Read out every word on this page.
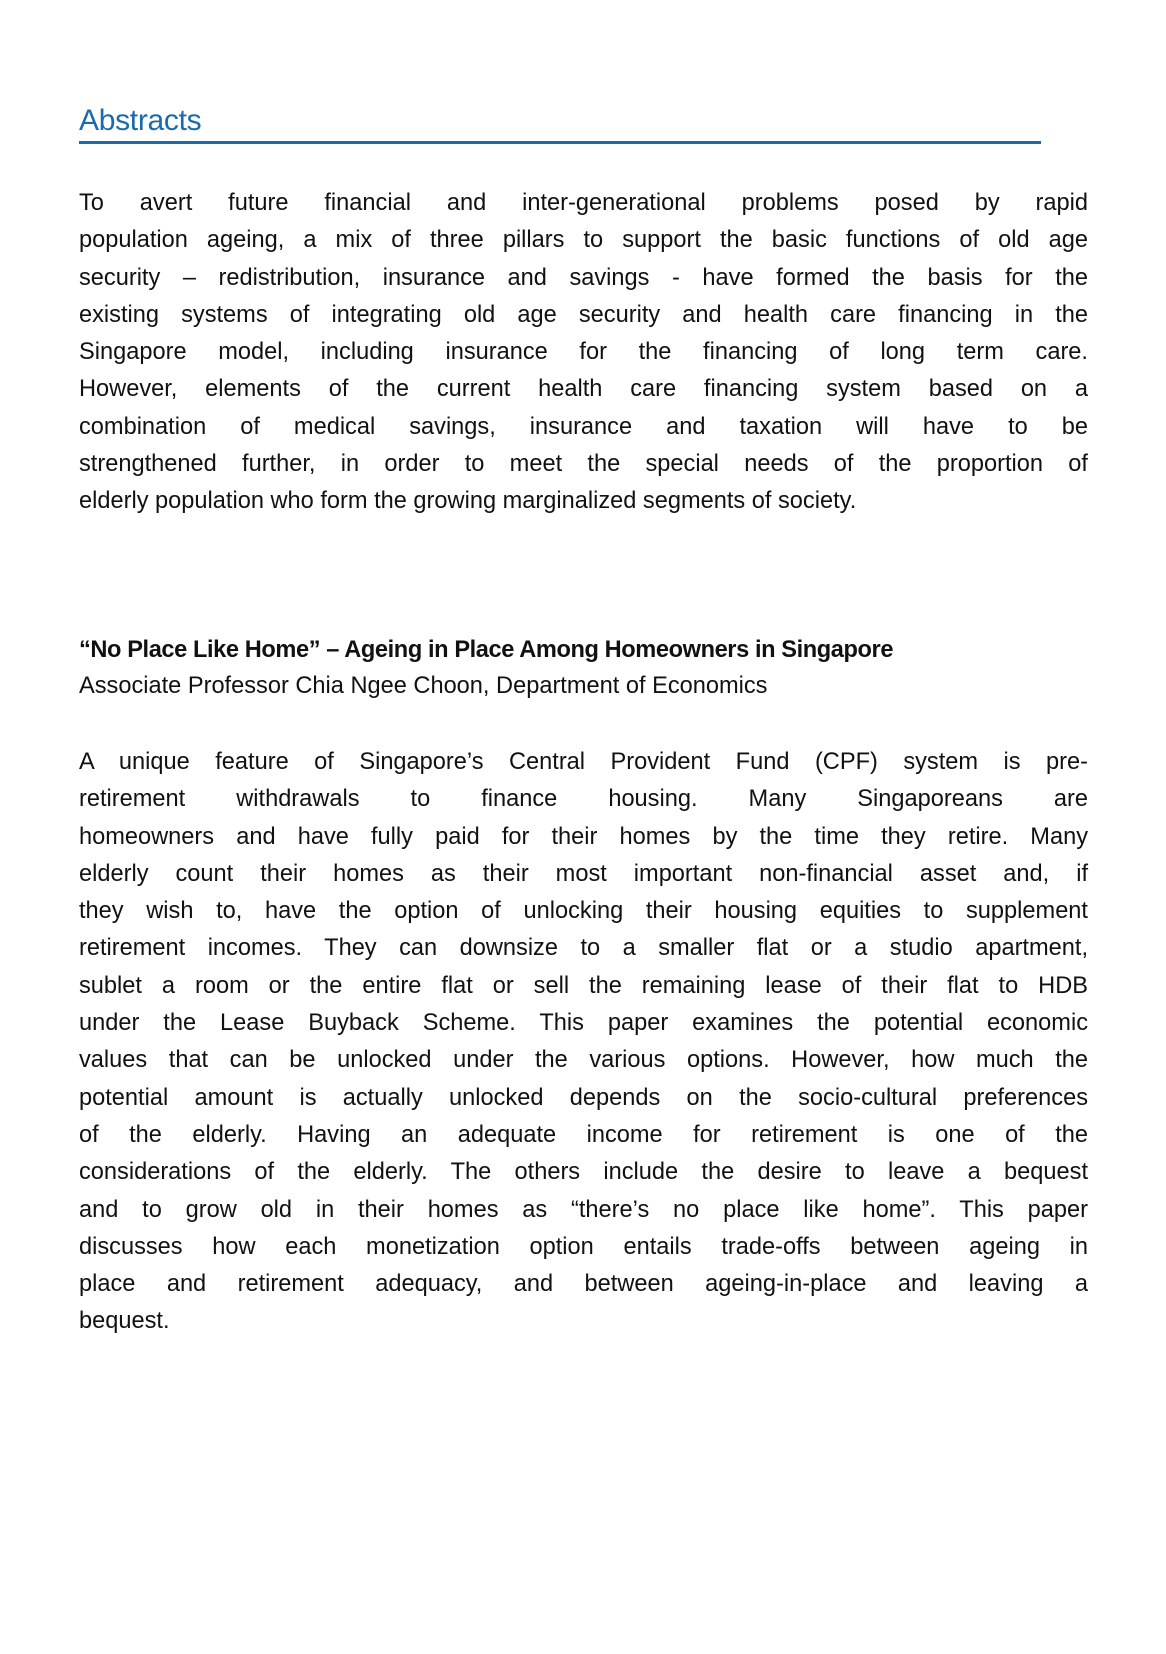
Abstracts
To avert future financial and inter-generational problems posed by rapid
population ageing, a mix of three pillars to support the basic functions of old age
security – redistribution, insurance and savings - have formed the basis for the
existing systems of integrating old age security and health care financing in the
Singapore model, including insurance for the financing of long term care.
However, elements of the current health care financing system based on a
combination of medical savings, insurance and taxation will have to be
strengthened further, in order to meet the special needs of the proportion of
elderly population who form the growing marginalized segments of society.
“No Place Like Home” – Ageing in Place Among Homeowners in Singapore
Associate Professor Chia Ngee Choon, Department of Economics
A unique feature of Singapore’s Central Provident Fund (CPF) system is pre-
retirement withdrawals to finance housing. Many Singaporeans are
homeowners and have fully paid for their homes by the time they retire. Many
elderly count their homes as their most important non-financial asset and, if
they wish to, have the option of unlocking their housing equities to supplement
retirement incomes. They can downsize to a smaller flat or a studio apartment,
sublet a room or the entire flat or sell the remaining lease of their flat to HDB
under the Lease Buyback Scheme. This paper examines the potential economic
values that can be unlocked under the various options. However, how much the
potential amount is actually unlocked depends on the socio-cultural preferences
of the elderly. Having an adequate income for retirement is one of the
considerations of the elderly. The others include the desire to leave a bequest
and to grow old in their homes as “there’s no place like home”. This paper
discusses how each monetization option entails trade-offs between ageing in
place and retirement adequacy, and between ageing-in-place and leaving a
bequest.
